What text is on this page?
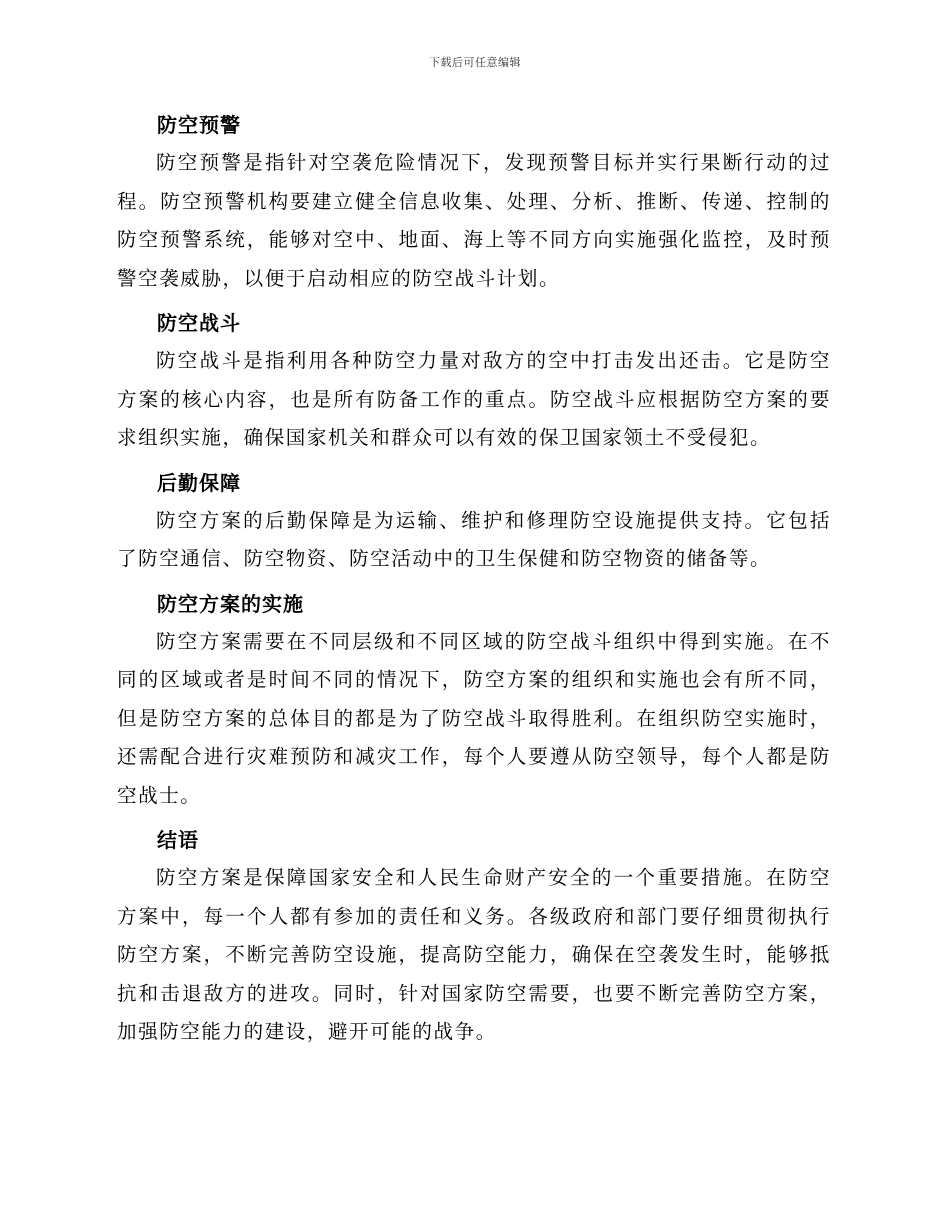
下载后可任意编辑
防空预警

防空预警是指针对空袭危险情况下，发现预警目标并实行果断行动的过程。防空预警机构要建立健全信息收集、处理、分析、推断、传递、控制的防空预警系统，能够对空中、地面、海上等不同方向实施强化监控，及时预警空袭威胁，以便于启动相应的防空战斗计划。

防空战斗

防空战斗是指利用各种防空力量对敌方的空中打击发出还击。它是防空方案的核心内容，也是所有防备工作的重点。防空战斗应根据防空方案的要求组织实施，确保国家机关和群众可以有效的保卫国家领土不受侵犯。

后勤保障

防空方案的后勤保障是为运输、维护和修理防空设施提供支持。它包括了防空通信、防空物资、防空活动中的卫生保健和防空物资的储备等。

防空方案的实施

防空方案需要在不同层级和不同区域的防空战斗组织中得到实施。在不同的区域或者是时间不同的情况下，防空方案的组织和实施也会有所不同，但是防空方案的总体目的都是为了防空战斗取得胜利。在组织防空实施时，还需配合进行灾难预防和减灾工作，每个人要遵从防空领导，每个人都是防空战士。

结语

防空方案是保障国家安全和人民生命财产安全的一个重要措施。在防空方案中，每一个人都有参加的责任和义务。各级政府和部门要仔细贯彻执行防空方案，不断完善防空设施，提高防空能力，确保在空袭发生时，能够抵抗和击退敌方的进攻。同时，针对国家防空需要，也要不断完善防空方案，加强防空能力的建设，避开可能的战争。
